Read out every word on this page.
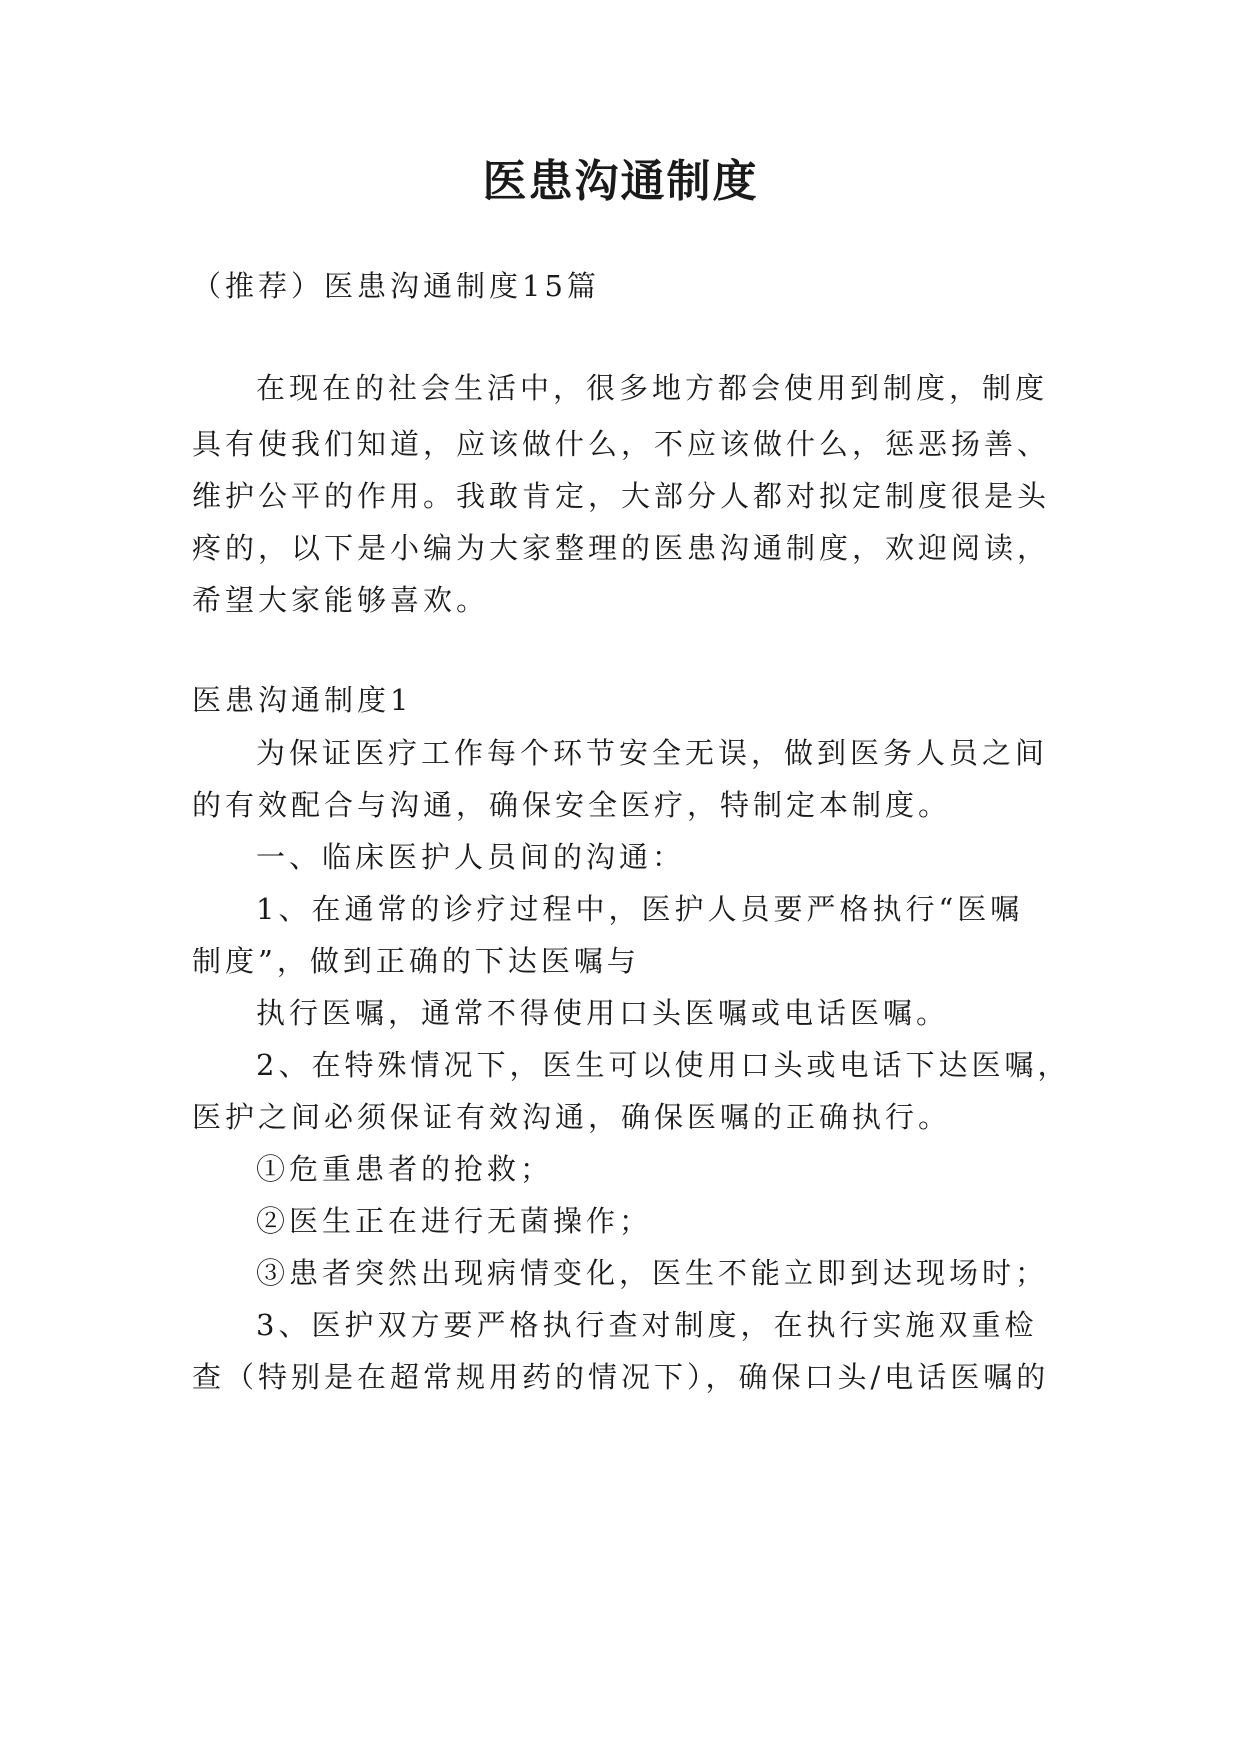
医患沟通制度
（推荐）医患沟通制度15篇
在现在的社会生活中，很多地方都会使用到制度，制度
具有使我们知道，应该做什么，不应该做什么，惩恶扬善、
维护公平的作用。我敢肯定，大部分人都对拟定制度很是头
疼的，以下是小编为大家整理的医患沟通制度，欢迎阅读，
希望大家能够喜欢。
医患沟通制度1
为保证医疗工作每个环节安全无误，做到医务人员之间
的有效配合与沟通，确保安全医疗，特制定本制度。
一、临床医护人员间的沟通：
1、在通常的诊疗过程中，医护人员要严格执行“医嘱
制度”，做到正确的下达医嘱与
执行医嘱，通常不得使用口头医嘱或电话医嘱。
2、在特殊情况下，医生可以使用口头或电话下达医嘱，
医护之间必须保证有效沟通，确保医嘱的正确执行。
①危重患者的抢救；
②医生正在进行无菌操作；
③患者突然出现病情变化，医生不能立即到达现场时；
3、医护双方要严格执行查对制度，在执行实施双重检
查（特别是在超常规用药的情况下），确保口头/电话医嘱的
